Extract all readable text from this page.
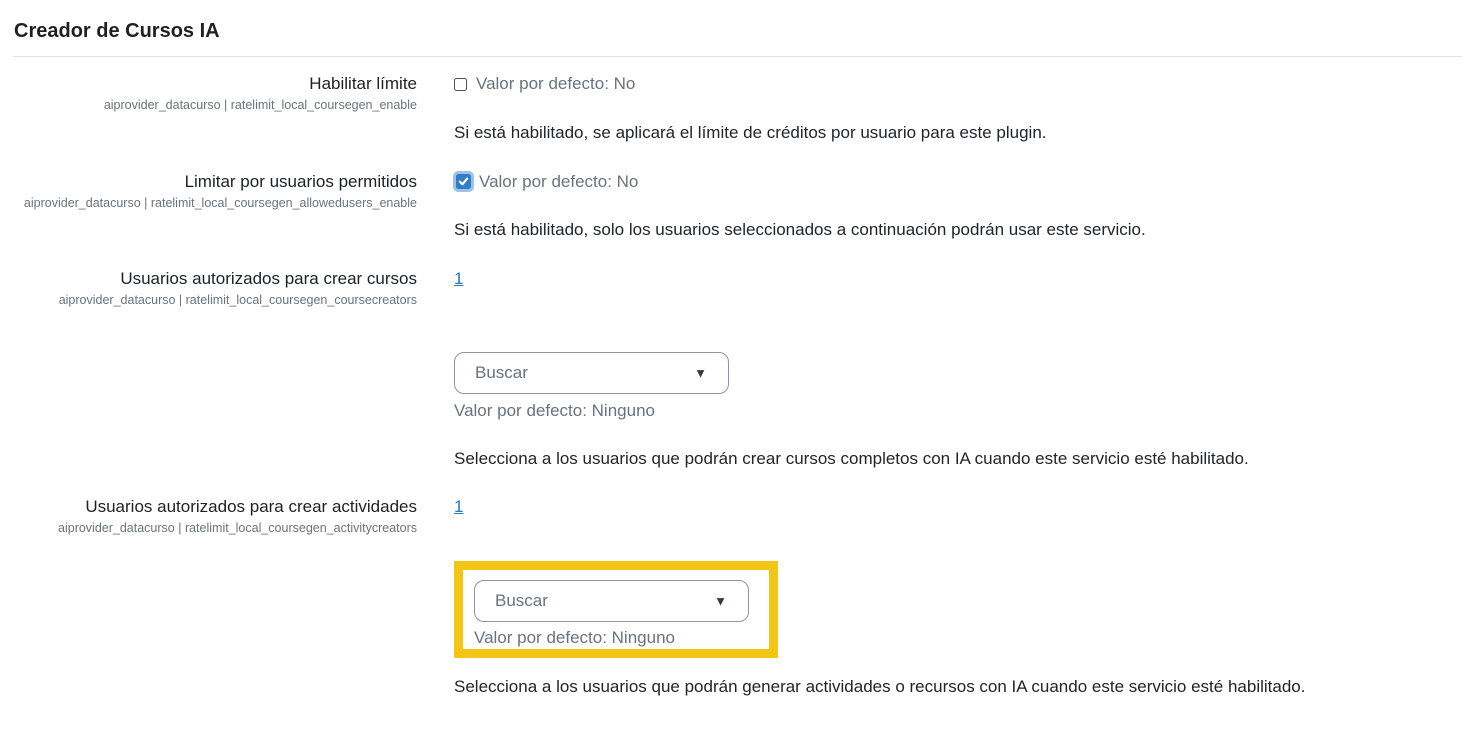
Creador de Cursos IA
Habilitar límite
aiprovider_datacurso | ratelimit_local_coursegen_enable
Valor por defecto: No

Si está habilitado, se aplicará el límite de créditos por usuario para este plugin.

Limitar por usuarios permitidos
aiprovider_datacurso | ratelimit_local_coursegen_allowedusers_enable
Valor por defecto: No

Si está habilitado, solo los usuarios seleccionados a continuación podrán usar este servicio.

Usuarios autorizados para crear cursos
aiprovider_datacurso | ratelimit_local_coursegen_coursecreators
1
Buscar	▼
Valor por defecto: Ninguno

Selecciona a los usuarios que podrán crear cursos completos con IA cuando este servicio esté habilitado.

Usuarios autorizados para crear actividades
aiprovider_datacurso | ratelimit_local_coursegen_activitycreators
1
Buscar	▼
Valor por defecto: Ninguno

Selecciona a los usuarios que podrán generar actividades o recursos con IA cuando este servicio esté habilitado.
